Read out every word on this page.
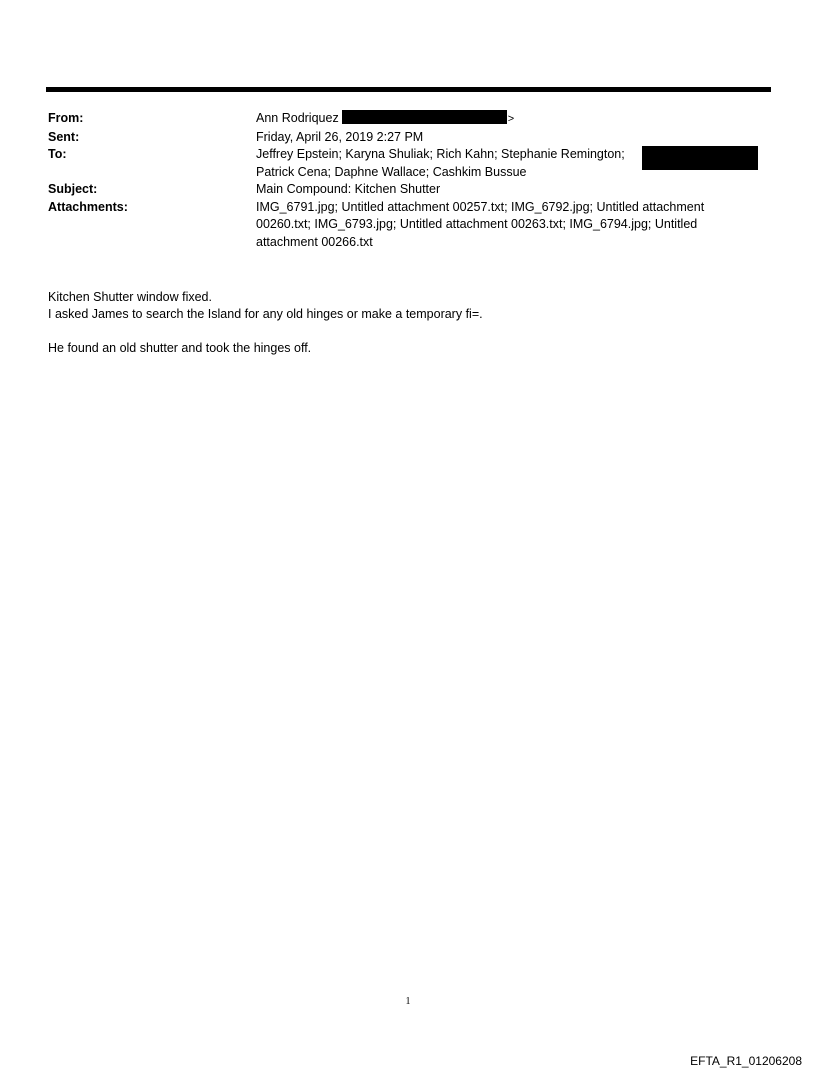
From:	Ann Rodriquez	>
Sent:	Friday, April 26, 2019 2:27 PM
To:	Jeffrey Epstein; Karyna Shuliak; Rich Kahn; Stephanie Remington;
Patrick Cena; Daphne Wallace; Cashkim Bussue
Subject:	Main Compound: Kitchen Shutter
Attachments:	IMG_6791.jpg; Untitled attachment 00257.txt; IMG_6792.jpg; Untitled attachment
00260.txt; IMG_6793.jpg; Untitled attachment 00263.txt; IMG_6794.jpg; Untitled
attachment 00266.txt

Kitchen Shutter window fixed.

I asked James to search the Island for any old hinges or make a temporary fi=.

He found an old shutter and took the hinges off.

1
EFTA_R1_01206208
